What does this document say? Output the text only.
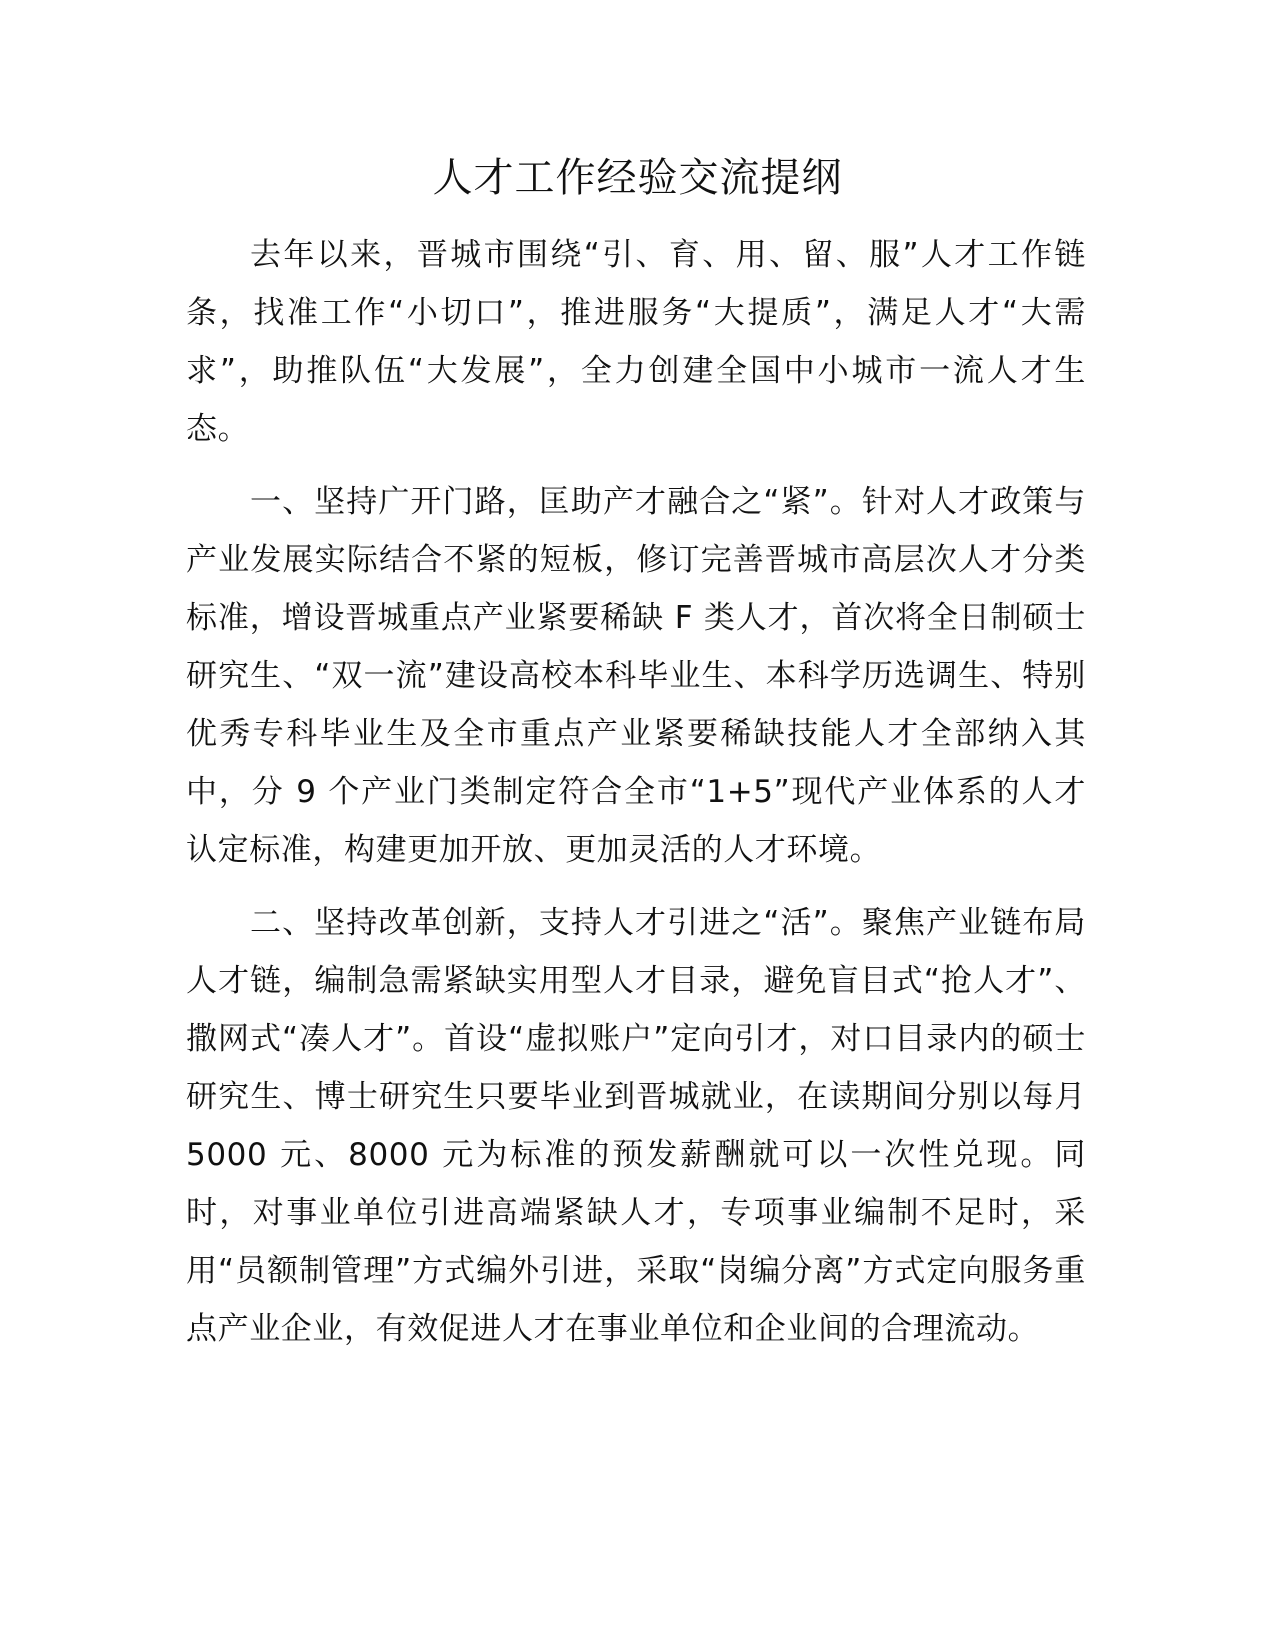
人才工作经验交流提纲

去年以来，晋城市围绕“引、育、用、留、服”人才工作链条，找准工作“小切口”，推进服务“大提质”，满足人才“大需求”，助推队伍“大发展”，全力创建全国中小城市一流人才生态。

一、坚持广开门路，匡助产才融合之“紧”。针对人才政策与产业发展实际结合不紧的短板，修订完善晋城市高层次人才分类标准，增设晋城重点产业紧要稀缺 F 类人才，首次将全日制硕士研究生、“双一流”建设高校本科毕业生、本科学历选调生、特别优秀专科毕业生及全市重点产业紧要稀缺技能人才全部纳入其中，分 9 个产业门类制定符合全市“1+5”现代产业体系的人才认定标准，构建更加开放、更加灵活的人才环境。

二、坚持改革创新，支持人才引进之“活”。聚焦产业链布局人才链，编制急需紧缺实用型人才目录，避免盲目式“抢人才”、撒网式“凑人才”。首设“虚拟账户”定向引才，对口目录内的硕士研究生、博士研究生只要毕业到晋城就业，在读期间分别以每月 5000 元、8000 元为标准的预发薪酬就可以一次性兑现。同时，对事业单位引进高端紧缺人才，专项事业编制不足时，采用“员额制管理”方式编外引进，采取“岗编分离”方式定向服务重点产业企业，有效促进人才在事业单位和企业间的合理流动。
